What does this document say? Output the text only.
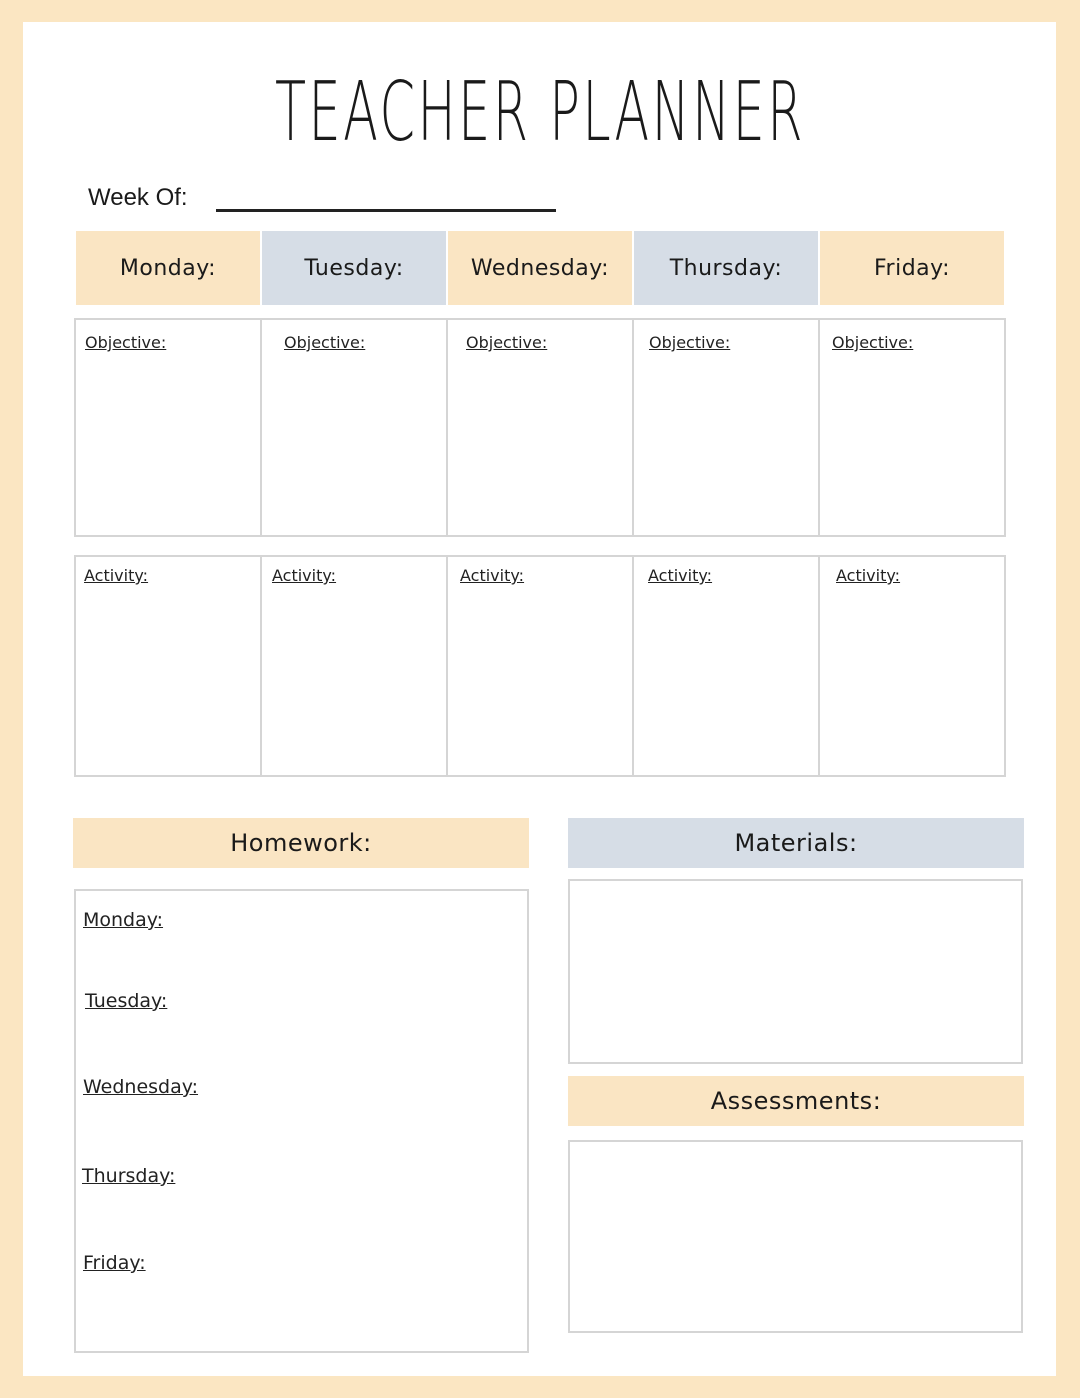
TEACHER PLANNER
Week Of:
Monday:	Tuesday:	Wednesday:	Thursday:	Friday:
Objective:	Objective:	Objective:	Objective:	Objective:
Activity:	Activity:	Activity:	Activity:	Activity:
Homework:
Monday:
Tuesday:
Wednesday:
Thursday:
Friday:
Materials:
Assessments:
